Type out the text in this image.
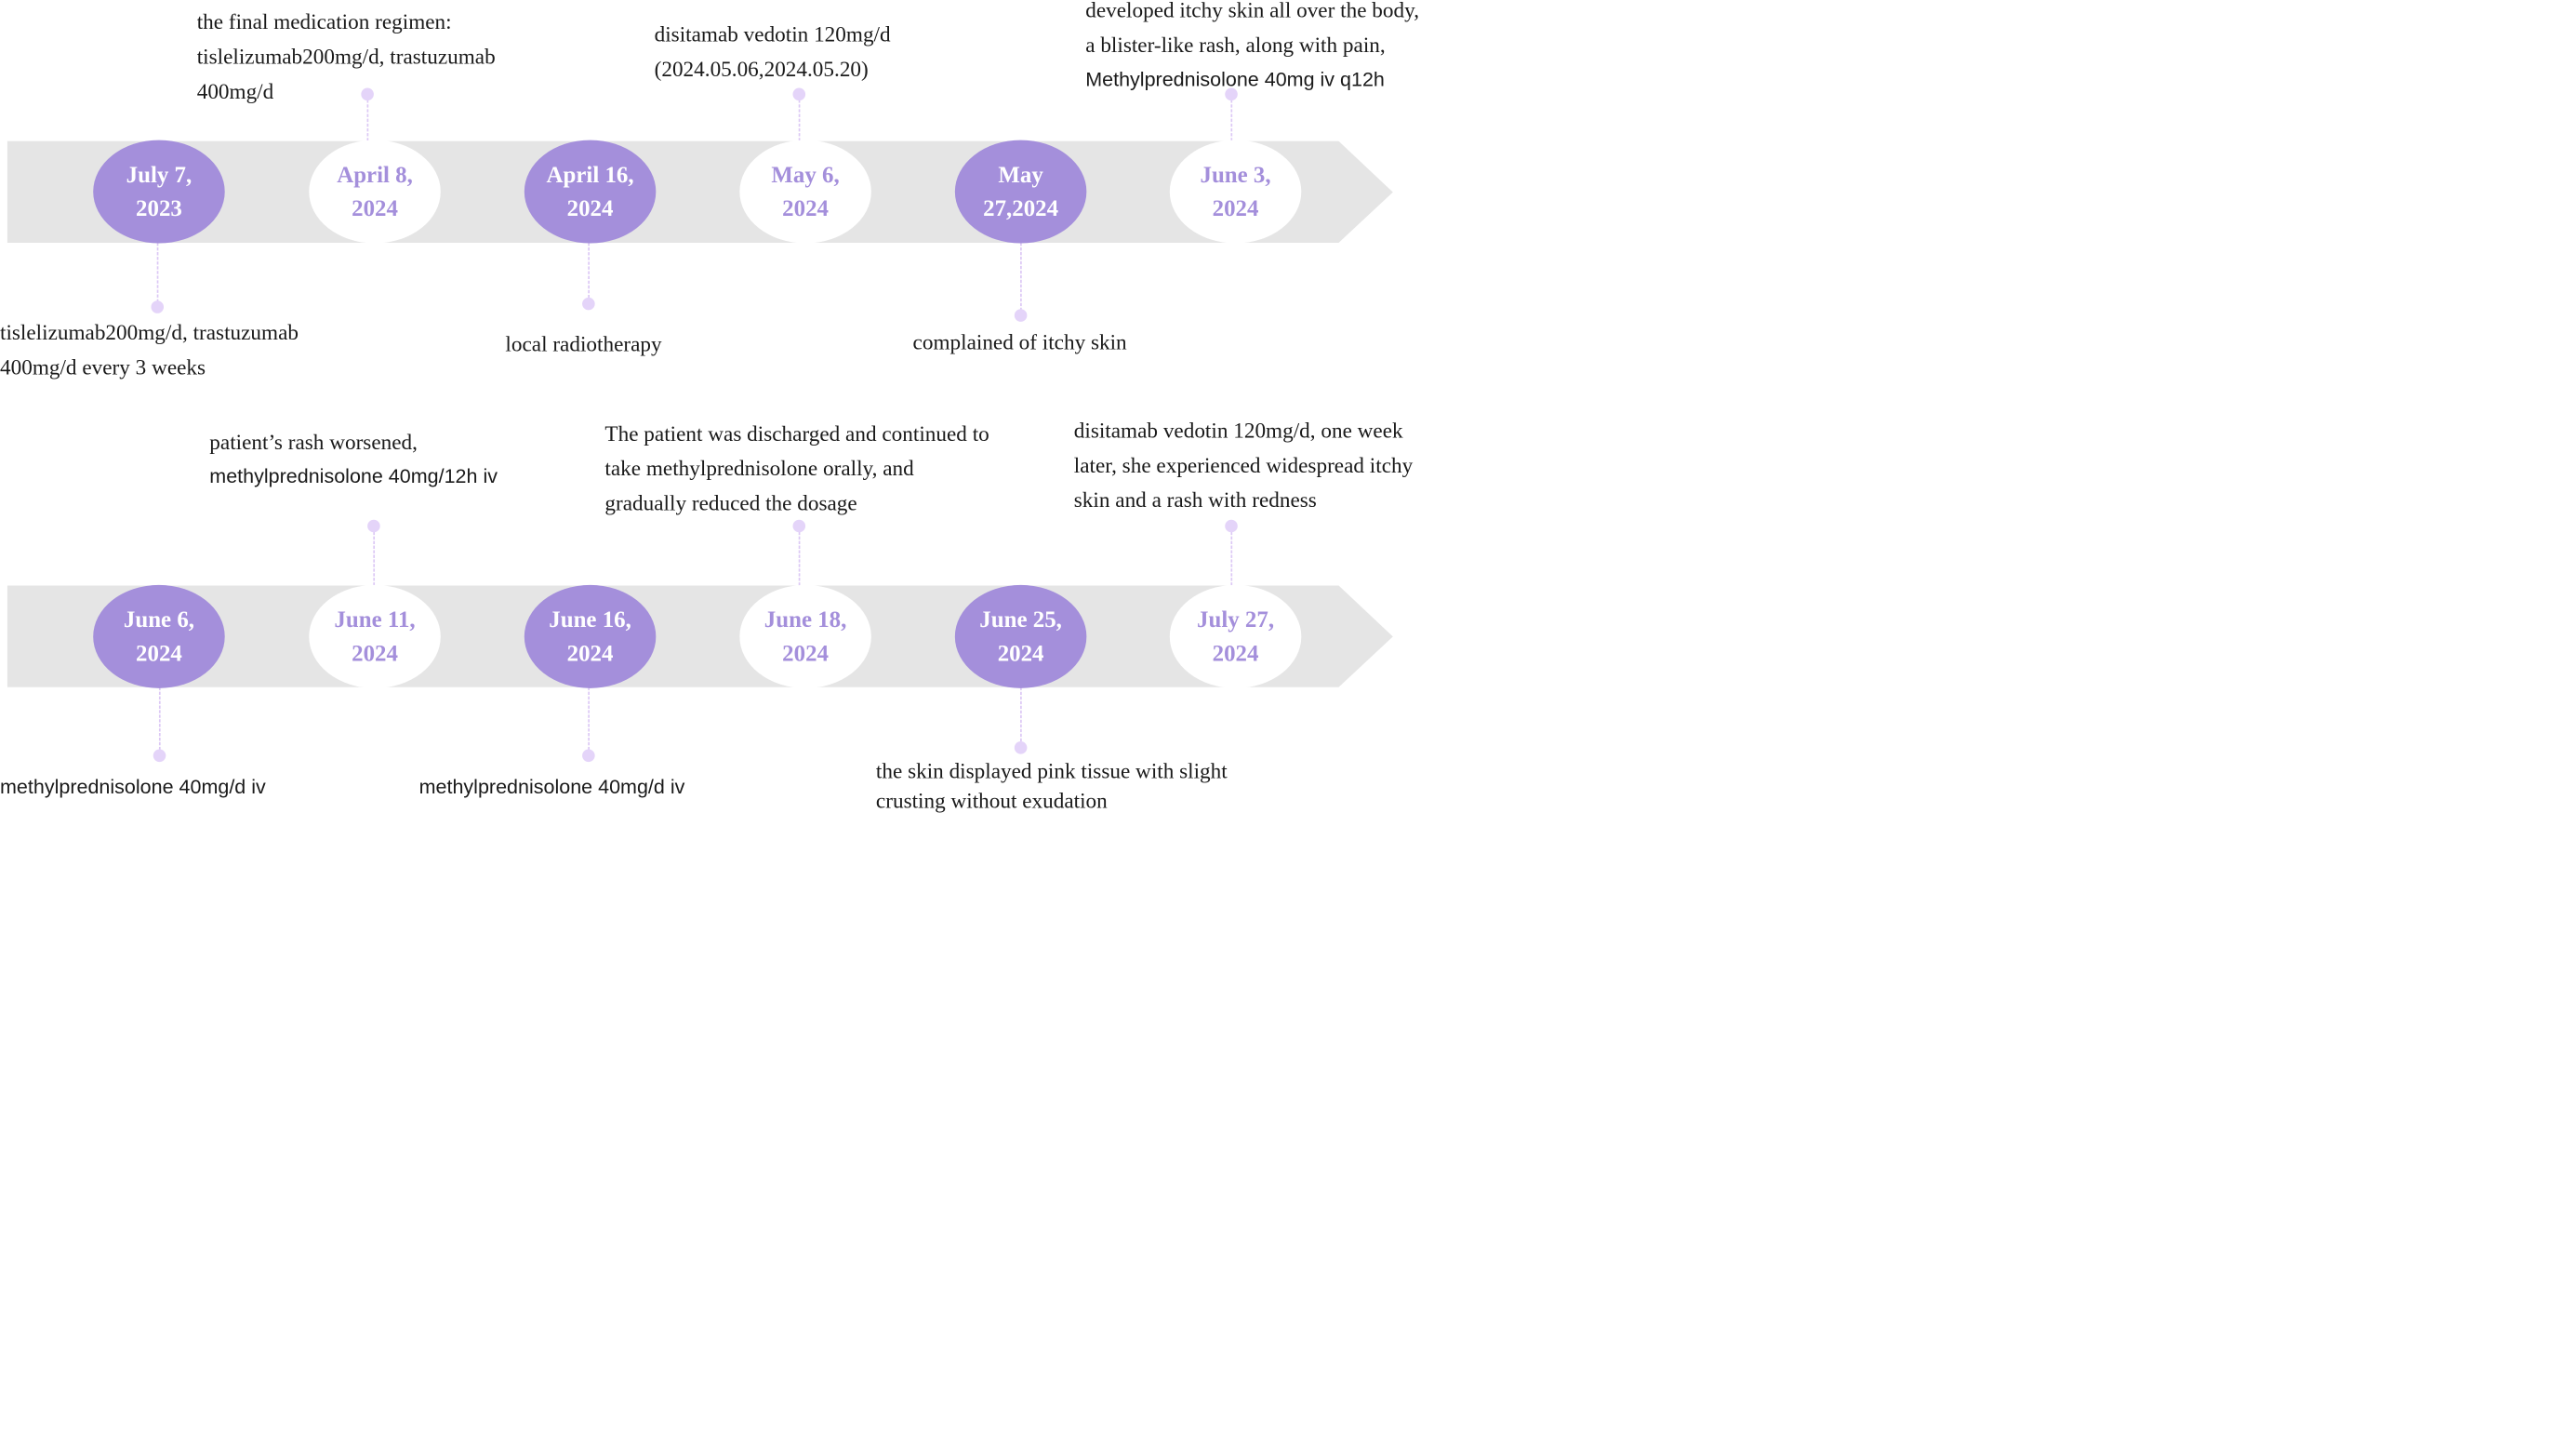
July 7,
2023
tislelizumab200mg/d, trastuzumab
400mg/d every 3 weeks
April 8,
2024
the final medication regimen:
tislelizumab200mg/d, trastuzumab
400mg/d
April 16,
2024
local radiotherapy
May 6,
2024
disitamab vedotin 120mg/d
(2024.05.06,2024.05.20)
May
27,2024
complained of itchy skin
June 3,
2024
developed itchy skin all over the body,
a blister-like rash, along with pain,
Methylprednisolone 40mg iv q12h
June 6,
2024
methylprednisolone 40mg/d iv
June 11,
2024
patient’s rash worsened,
methylprednisolone 40mg/12h iv
June 16,
2024
methylprednisolone 40mg/d iv
June 18,
2024
The patient was discharged and continued to
take methylprednisolone orally, and
gradually reduced the dosage
June 25,
2024
the skin displayed pink tissue with slight
crusting without exudation
July 27,
2024
disitamab vedotin 120mg/d, one week
later, she experienced widespread itchy
skin and a rash with redness
